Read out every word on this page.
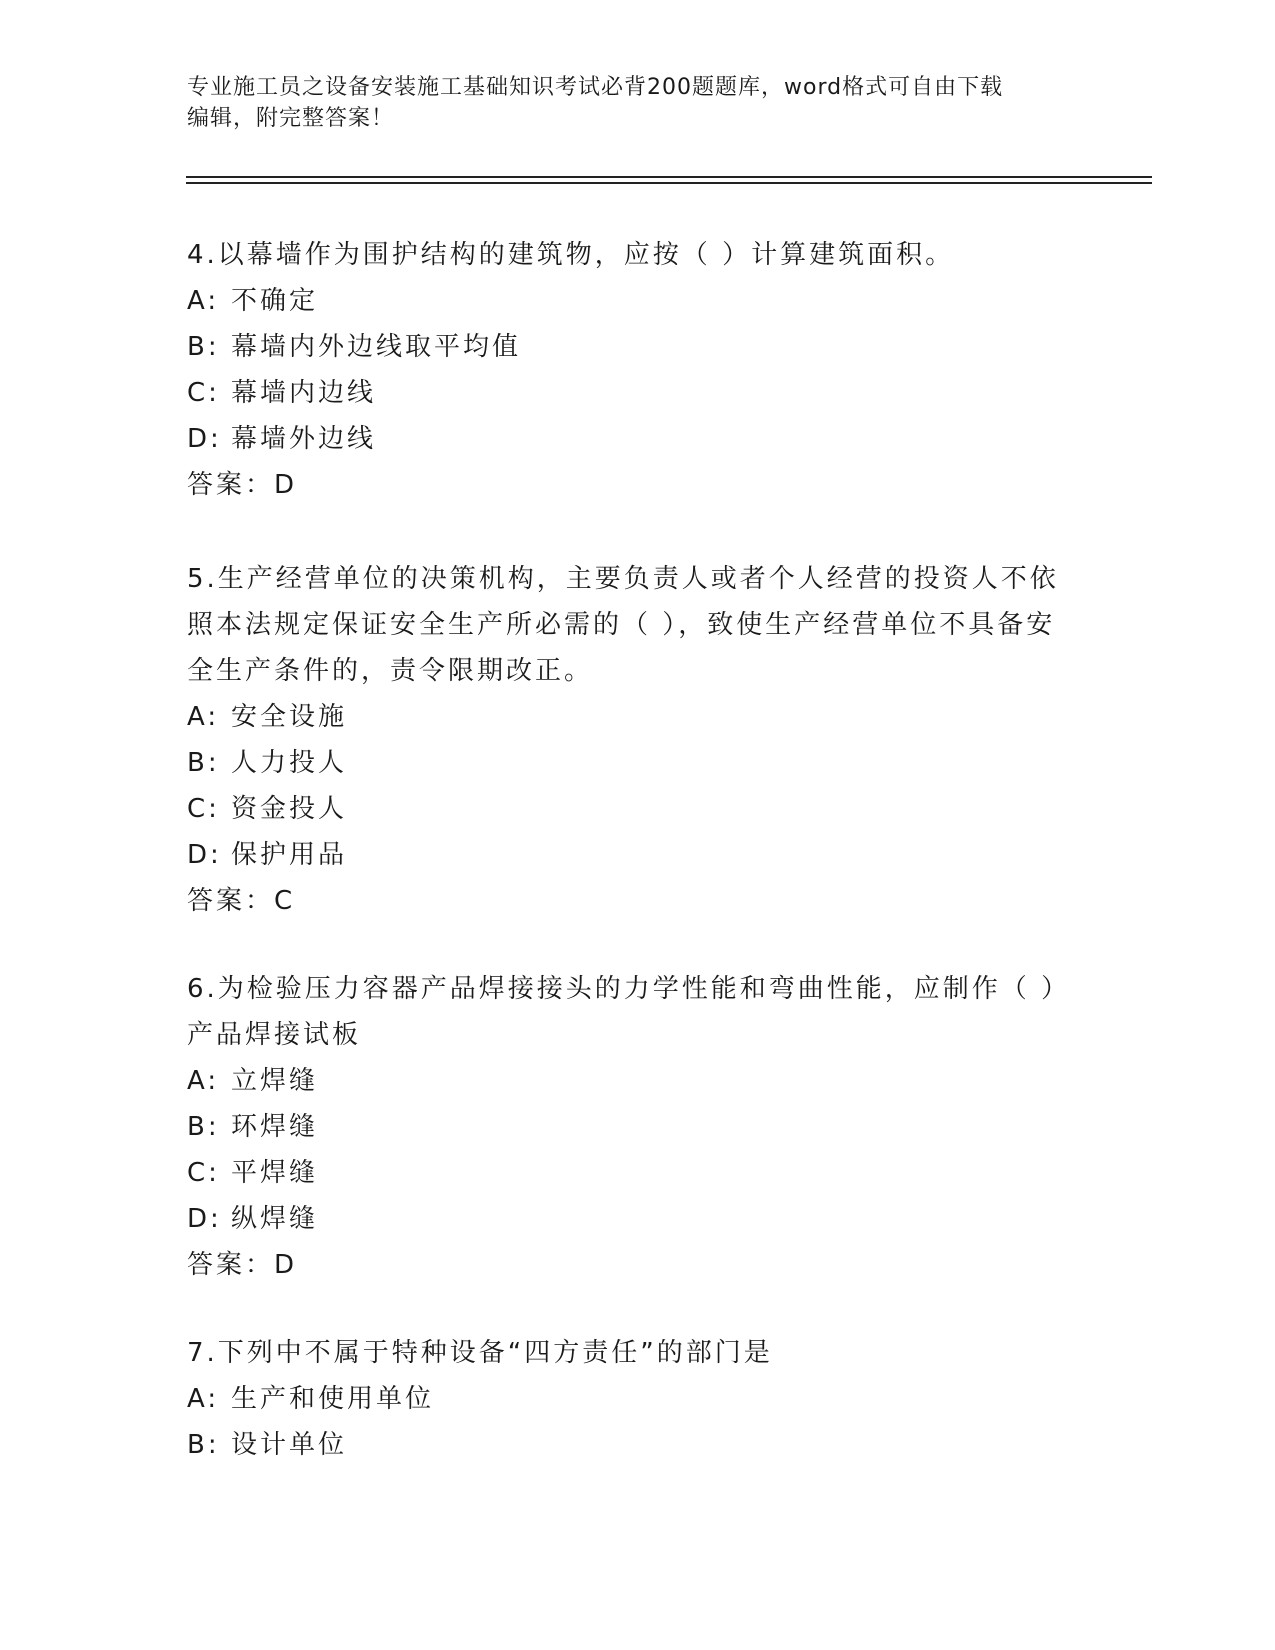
专业施工员之设备安装施工基础知识考试必背200题题库，word格式可自由下载
编辑，附完整答案！

4.以幕墙作为围护结构的建筑物，应按（ ）计算建筑面积。

A: 不确定

B: 幕墙内外边线取平均值

C: 幕墙内边线

D: 幕墙外边线

答案：D

5.生产经营单位的决策机构，主要负责人或者个人经营的投资人不依

照本法规定保证安全生产所必需的（ ），致使生产经营单位不具备安

全生产条件的，责令限期改正。

A: 安全设施

B: 人力投人

C: 资金投人

D: 保护用品

答案：C

6.为检验压力容器产品焊接接头的力学性能和弯曲性能，应制作（ ）

产品焊接试板

A: 立焊缝

B: 环焊缝

C: 平焊缝

D: 纵焊缝

答案：D

7.下列中不属于特种设备“四方责任”的部门是

A: 生产和使用单位

B: 设计单位
